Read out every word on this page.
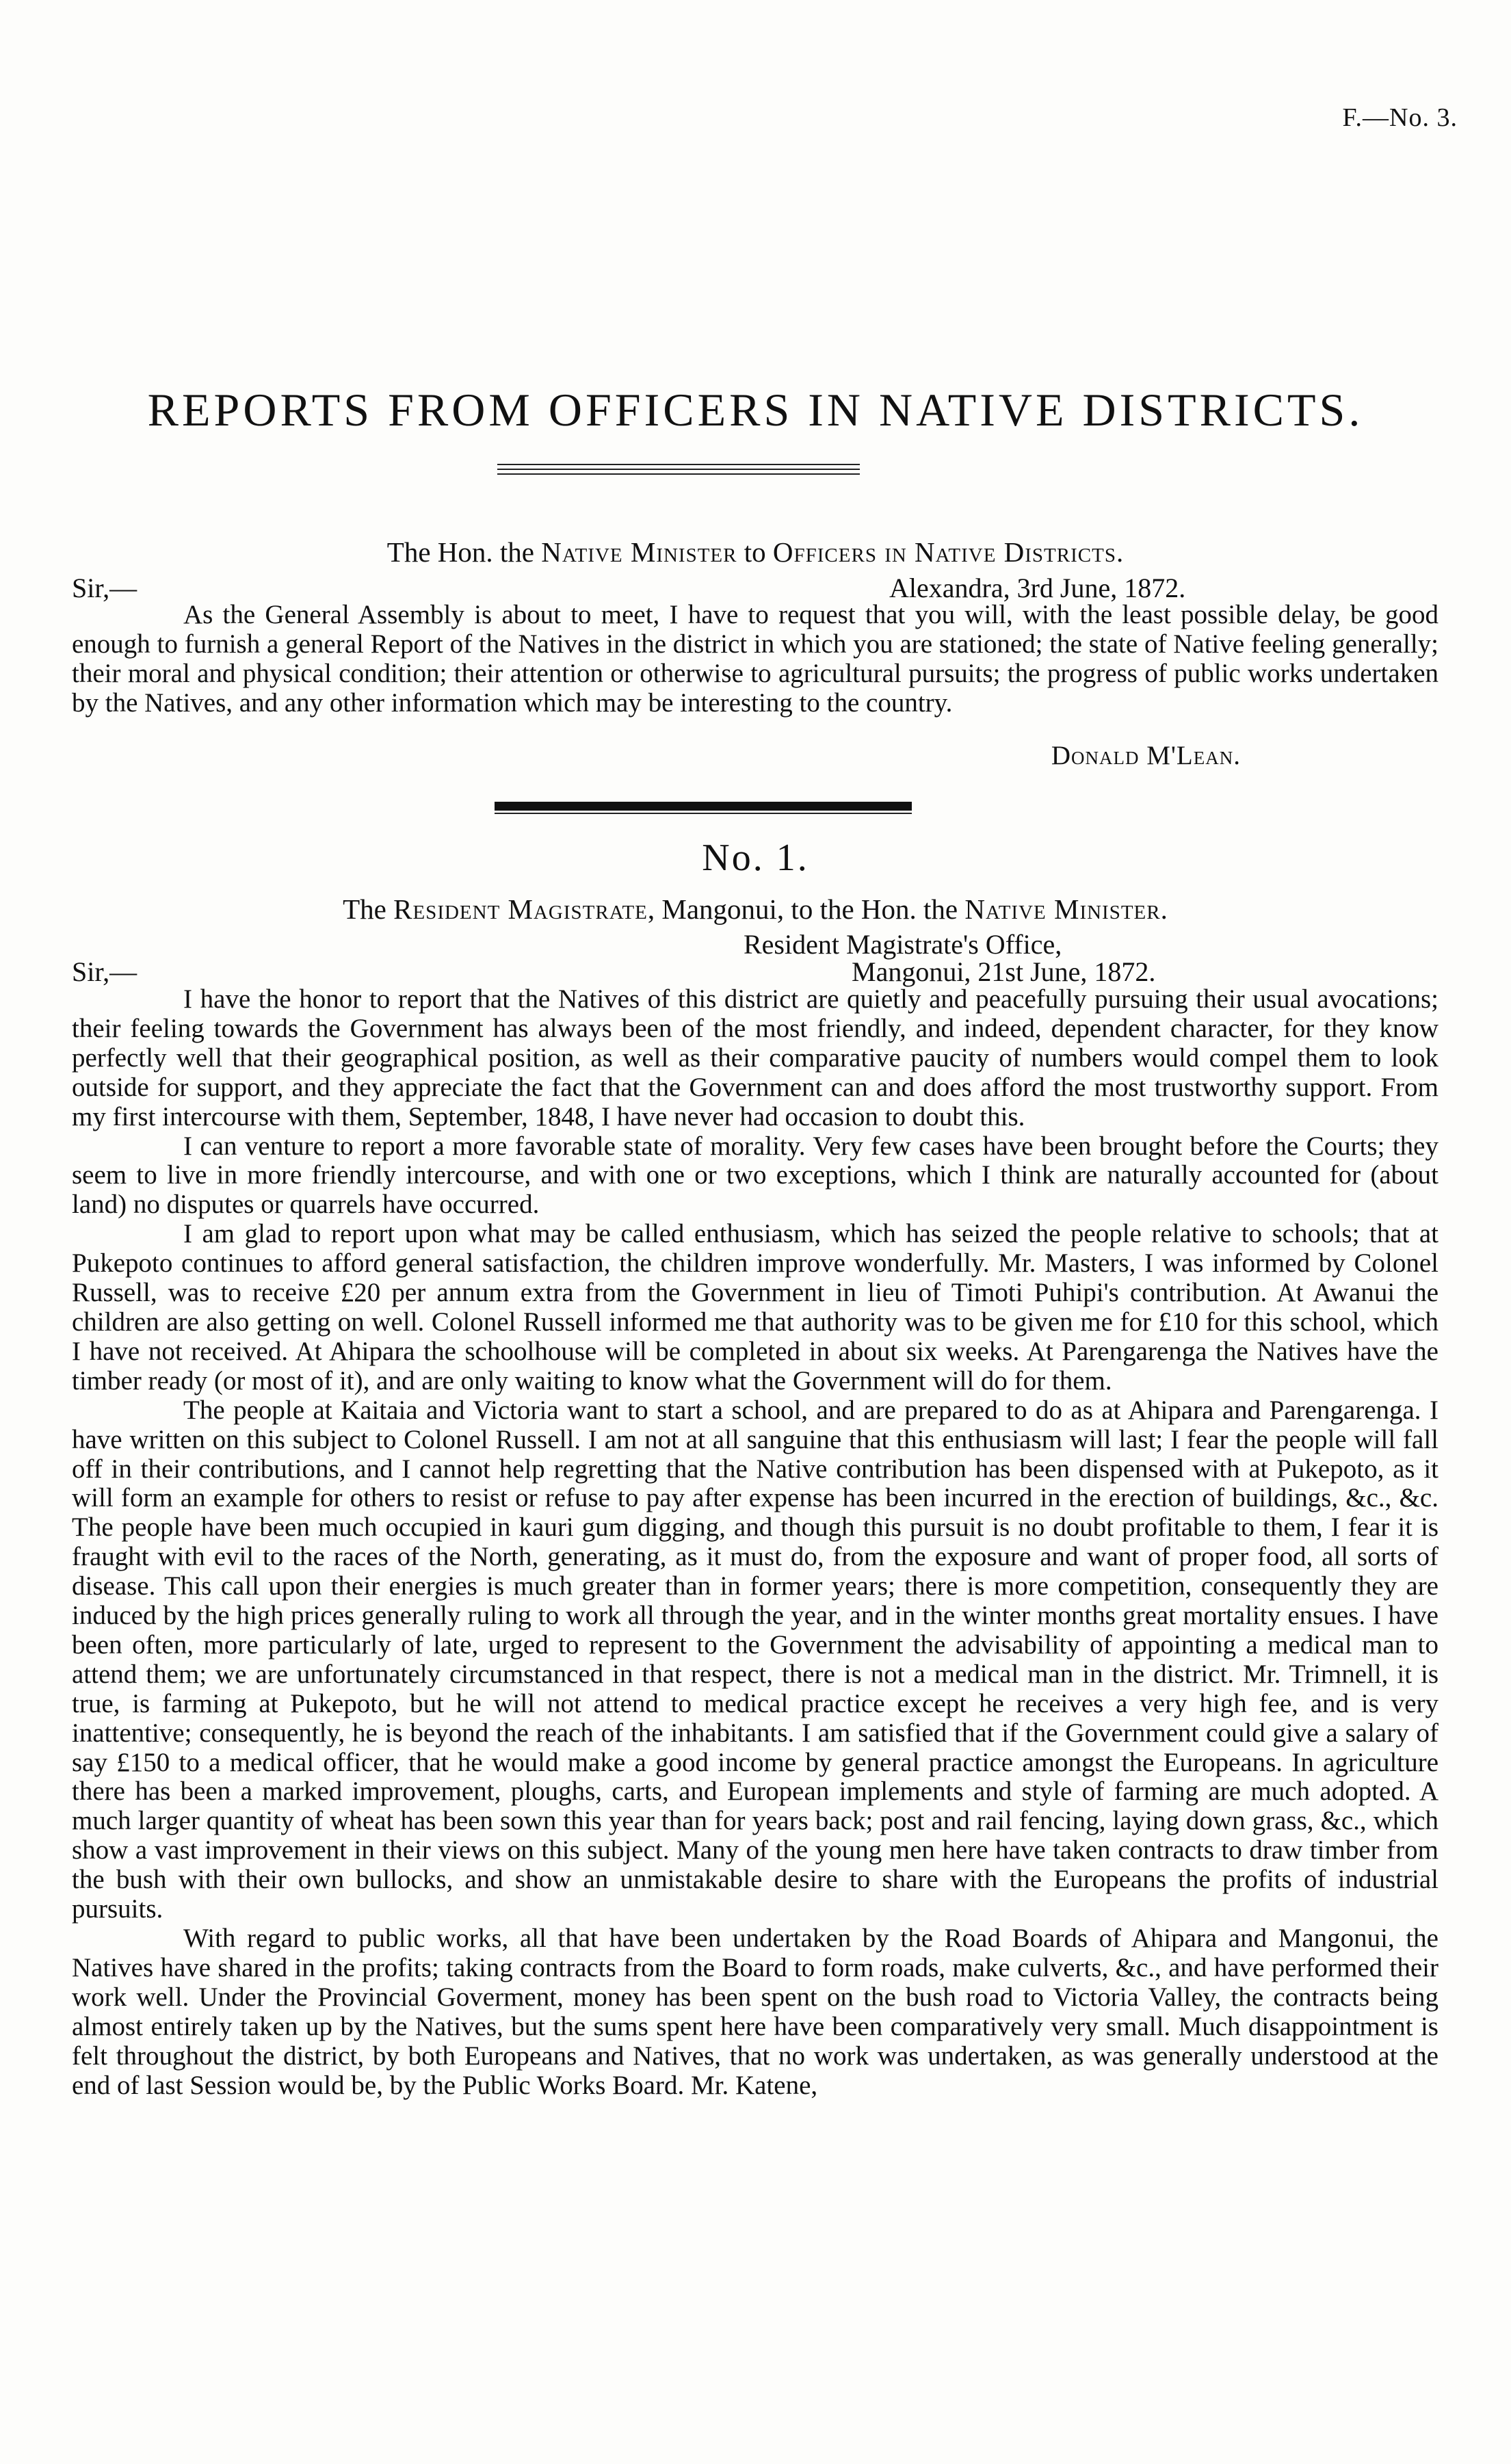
F.—No. 3.
REPORTS FROM OFFICERS IN NATIVE DISTRICTS.
The Hon. the Native Minister to Officers in Native Districts.
Sir,—	Alexandra, 3rd June, 1872.

As the General Assembly is about to meet, I have to request that you will, with the least possible delay, be good enough to furnish a general Report of the Natives in the district in which you are stationed; the state of Native feeling generally; their moral and physical condition; their attention or otherwise to agricultural pursuits; the progress of public works undertaken by the Natives, and any other information which may be interesting to the country.

Donald M'Lean.
No. 1.
The Resident Magistrate, Mangonui, to the Hon. the Native Minister.
Resident Magistrate's Office,
Sir,—	Mangonui, 21st June, 1872.

I have the honor to report that the Natives of this district are quietly and peacefully pursuing their usual avocations; their feeling towards the Government has always been of the most friendly, and indeed, dependent character, for they know perfectly well that their geographical position, as well as their comparative paucity of numbers would compel them to look outside for support, and they appreciate the fact that the Government can and does afford the most trustworthy support. From my first intercourse with them, September, 1848, I have never had occasion to doubt this.

I can venture to report a more favorable state of morality. Very few cases have been brought before the Courts; they seem to live in more friendly intercourse, and with one or two exceptions, which I think are naturally accounted for (about land) no disputes or quarrels have occurred.

I am glad to report upon what may be called enthusiasm, which has seized the people relative to schools; that at Pukepoto continues to afford general satisfaction, the children improve wonderfully. Mr. Masters, I was informed by Colonel Russell, was to receive £20 per annum extra from the Government in lieu of Timoti Puhipi's contribution. At Awanui the children are also getting on well. Colonel Russell informed me that authority was to be given me for £10 for this school, which I have not received. At Ahipara the schoolhouse will be completed in about six weeks. At Parengarenga the Natives have the timber ready (or most of it), and are only waiting to know what the Government will do for them.

The people at Kaitaia and Victoria want to start a school, and are prepared to do as at Ahipara and Parengarenga. I have written on this subject to Colonel Russell. I am not at all sanguine that this enthusiasm will last; I fear the people will fall off in their contributions, and I cannot help regretting that the Native contribution has been dispensed with at Pukepoto, as it will form an example for others to resist or refuse to pay after expense has been incurred in the erection of buildings, &c., &c. The people have been much occupied in kauri gum digging, and though this pursuit is no doubt profitable to them, I fear it is fraught with evil to the races of the North, generating, as it must do, from the exposure and want of proper food, all sorts of disease. This call upon their energies is much greater than in former years; there is more competition, consequently they are induced by the high prices generally ruling to work all through the year, and in the winter months great mortality ensues. I have been often, more particularly of late, urged to represent to the Government the advisability of appointing a medical man to attend them; we are unfortunately circumstanced in that respect, there is not a medical man in the district. Mr. Trimnell, it is true, is farming at Pukepoto, but he will not attend to medical practice except he receives a very high fee, and is very inattentive; consequently, he is beyond the reach of the inhabitants. I am satisfied that if the Government could give a salary of say £150 to a medical officer, that he would make a good income by general practice amongst the Europeans. In agriculture there has been a marked improvement, ploughs, carts, and European implements and style of farming are much adopted. A much larger quantity of wheat has been sown this year than for years back; post and rail fencing, laying down grass, &c., which show a vast improvement in their views on this subject. Many of the young men here have taken contracts to draw timber from the bush with their own bullocks, and show an unmistakable desire to share with the Europeans the profits of industrial pursuits.

With regard to public works, all that have been undertaken by the Road Boards of Ahipara and Mangonui, the Natives have shared in the profits; taking contracts from the Board to form roads, make culverts, &c., and have performed their work well. Under the Provincial Goverment, money has been spent on the bush road to Victoria Valley, the contracts being almost entirely taken up by the Natives, but the sums spent here have been comparatively very small. Much disappointment is felt throughout the district, by both Europeans and Natives, that no work was undertaken, as was generally understood at the end of last Session would be, by the Public Works Board. Mr. Katene,
